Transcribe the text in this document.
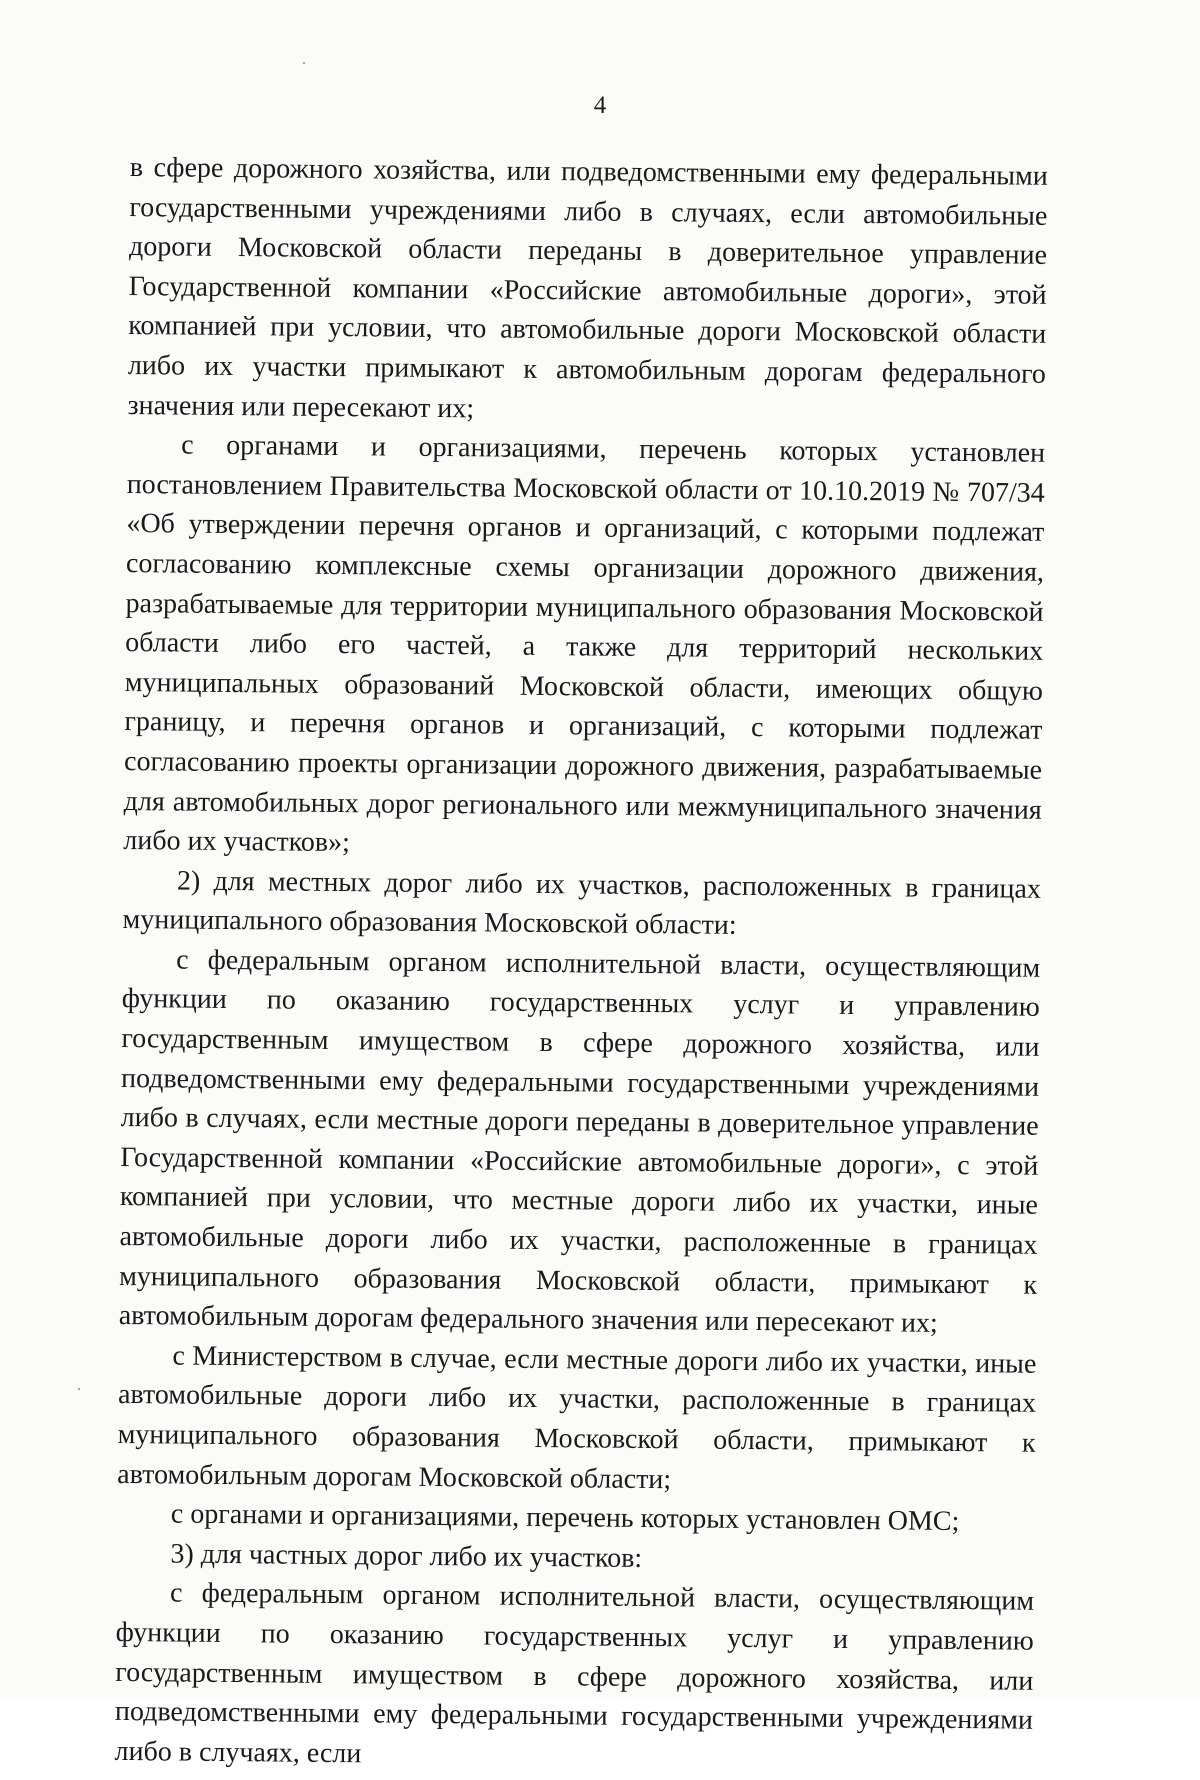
4

в сфере дорожного хозяйства, или подведомственными ему федеральными государственными учреждениями либо в случаях, если автомобильные дороги Московской области переданы в доверительное управление Государственной компании «Российские автомобильные дороги», этой компанией при условии, что автомобильные дороги Московской области либо их участки примыкают к автомобильным дорогам федерального значения или пересекают их;

с органами и организациями, перечень которых установлен постановлением Правительства Московской области от 10.10.2019 № 707/34 «Об утверждении перечня органов и организаций, с которыми подлежат согласованию комплексные схемы организации дорожного движения, разрабатываемые для территории муниципального образования Московской области либо его частей, а также для территорий нескольких муниципальных образований Московской области, имеющих общую границу, и перечня органов и организаций, с которыми подлежат согласованию проекты организации дорожного движения, разрабатываемые для автомобильных дорог регионального или межмуниципального значения либо их участков»;

2) для местных дорог либо их участков, расположенных в границах муниципального образования Московской области:

с федеральным органом исполнительной власти, осуществляющим функции по оказанию государственных услуг и управлению государственным имуществом в сфере дорожного хозяйства, или подведомственными ему федеральными государственными учреждениями либо в случаях, если местные дороги переданы в доверительное управление Государственной компании «Российские автомобильные дороги», с этой компанией при условии, что местные дороги либо их участки, иные автомобильные дороги либо их участки, расположенные в границах муниципального образования Московской области, примыкают к автомобильным дорогам федерального значения или пересекают их;

с Министерством в случае, если местные дороги либо их участки, иные автомобильные дороги либо их участки, расположенные в границах муниципального образования Московской области, примыкают к автомобильным дорогам Московской области;

с органами и организациями, перечень которых установлен ОМС;

3) для частных дорог либо их участков:

с федеральным органом исполнительной власти, осуществляющим функции по оказанию государственных услуг и управлению государственным имуществом в сфере дорожного хозяйства, или подведомственными ему федеральными государственными учреждениями либо в случаях, если
